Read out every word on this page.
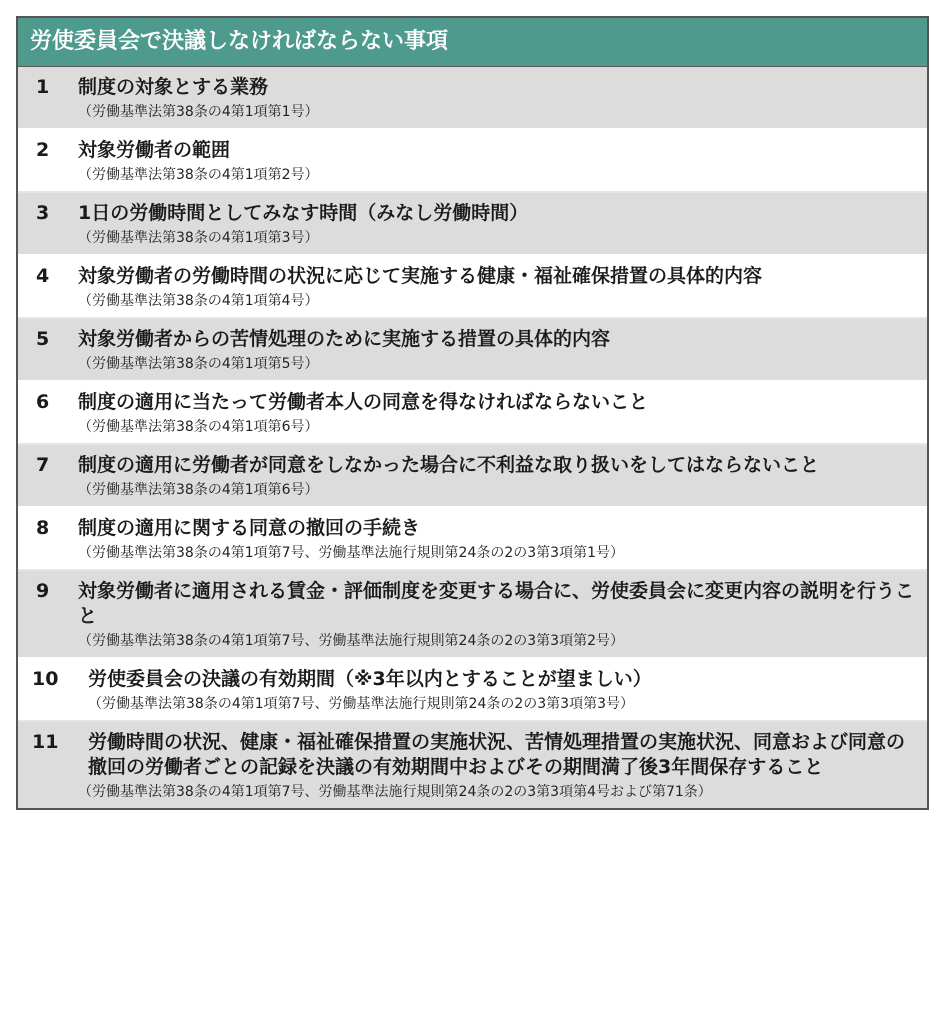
労使委員会で決議しなければならない事項
1	制度の対象とする業務
（労働基準法第38条の4第1項第1号）
2	対象労働者の範囲
（労働基準法第38条の4第1項第2号）
3	1日の労働時間としてみなす時間（みなし労働時間）
（労働基準法第38条の4第1項第3号）
4	対象労働者の労働時間の状況に応じて実施する健康・福祉確保措置の具体的内容
（労働基準法第38条の4第1項第4号）
5	対象労働者からの苦情処理のために実施する措置の具体的内容
（労働基準法第38条の4第1項第5号）
6	制度の適用に当たって労働者本人の同意を得なければならないこと
（労働基準法第38条の4第1項第6号）
7	制度の適用に労働者が同意をしなかった場合に不利益な取り扱いをしてはならないこと
（労働基準法第38条の4第1項第6号）
8	制度の適用に関する同意の撤回の手続き
（労働基準法第38条の4第1項第7号、労働基準法施行規則第24条の2の3第3項第1号）
9	対象労働者に適用される賃金・評価制度を変更する場合に、労使委員会に変更内容の説明を行うこと
（労働基準法第38条の4第1項第7号、労働基準法施行規則第24条の2の3第3項第2号）
10	労使委員会の決議の有効期間（※3年以内とすることが望ましい）
（労働基準法第38条の4第1項第7号、労働基準法施行規則第24条の2の3第3項第3号）
11	労働時間の状況、健康・福祉確保措置の実施状況、苦情処理措置の実施状況、同意および同意の撤回の労働者ごとの記録を決議の有効期間中およびその期間満了後3年間保存すること
（労働基準法第38条の4第1項第7号、労働基準法施行規則第24条の2の3第3項第4号および第71条）
